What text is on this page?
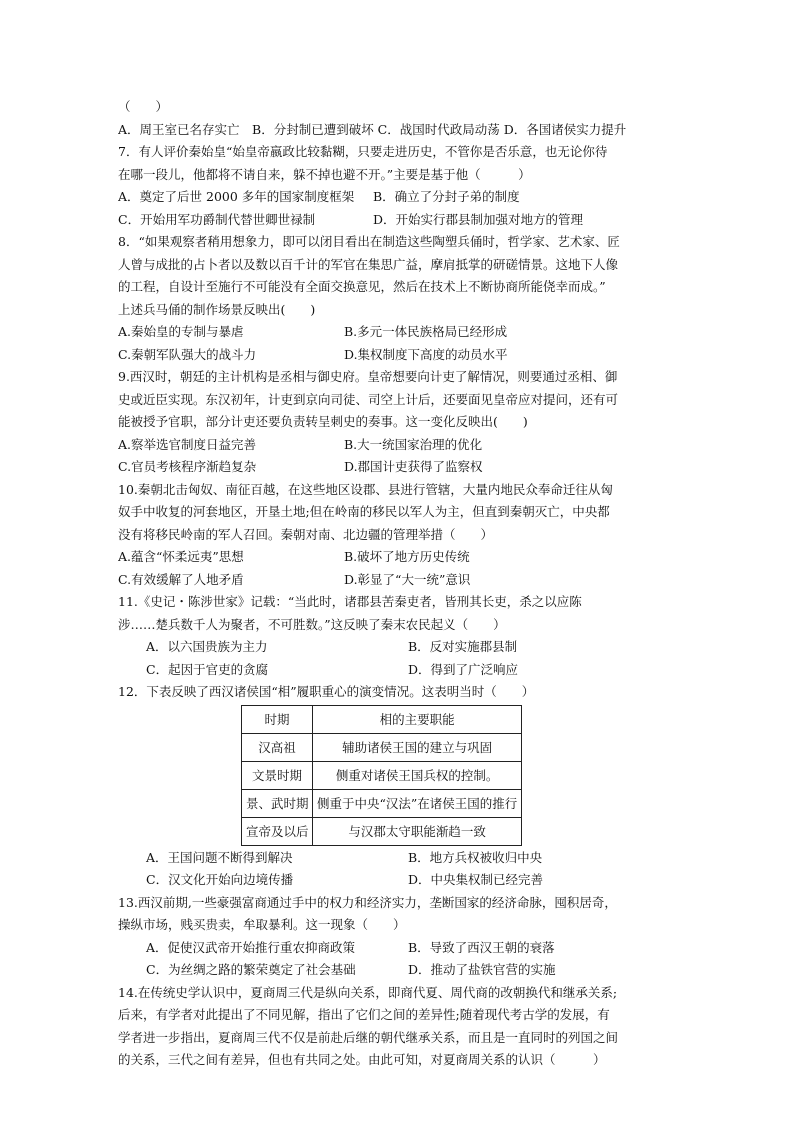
（　　）
A．周王室已名存实亡　B．分封制已遭到破坏 C．战国时代政局动荡 D．各国诸侯实力提升
7．有人评价秦始皇“始皇帝嬴政比较黏糊，只要走进历史，不管你是否乐意，也无论你待
在哪一段儿，他都将不请自来，躲不掉也避不开。”主要是基于他（　　　）
A．奠定了后世 2000 多年的国家制度框架	B．确立了分封子弟的制度
C．开始用军功爵制代替世卿世禄制	D．开始实行郡县制加强对地方的管理
8．“如果观察者稍用想象力，即可以闭目看出在制造这些陶塑兵俑时，哲学家、艺术家、匠
人曾与成批的占卜者以及数以百千计的军官在集思广益，摩肩抵掌的研磋情景。这地下人像
的工程，自设计至施行不可能没有全面交换意见，然后在技术上不断协商所能侥幸而成。”
上述兵马俑的制作场景反映出(　　)
A.秦始皇的专制与暴虐	B.多元一体民族格局已经形成
C.秦朝军队强大的战斗力	D.集权制度下高度的动员水平
9.西汉时，朝廷的主计机构是丞相与御史府。皇帝想要向计吏了解情况，则要通过丞相、御
史或近臣实现。东汉初年，计吏到京向司徒、司空上计后，还要面见皇帝应对提问，还有可
能被授予官职，部分计吏还要负责转呈刺史的奏事。这一变化反映出(　　)
A.察举选官制度日益完善	B.大一统国家治理的优化
C.官员考核程序渐趋复杂	D.郡国计吏获得了监察权
10.秦朝北击匈奴、南征百越，在这些地区设郡、县进行管辖，大量内地民众奉命迁往从匈
奴手中收复的河套地区，开垦土地;但在岭南的移民以军人为主，但直到秦朝灭亡，中央都
没有将移民岭南的军人召回。秦朝对南、北边疆的管理举措（　　）
A.蕴含“怀柔远夷”思想	B.破坏了地方历史传统
C.有效缓解了人地矛盾	D.彰显了“大一统”意识
11.《史记・陈涉世家》记载：“当此时，诸郡县苦秦吏者，皆刑其长吏，杀之以应陈
涉……楚兵数千人为聚者，不可胜数。”这反映了秦末农民起义（　　）
A．以六国贵族为主力	B．反对实施郡县制
C．起因于官吏的贪腐	D．得到了广泛响应
12．下表反映了西汉诸侯国“相”履职重心的演变情况。这表明当时（　　）
时期	相的主要职能
汉高祖	辅助诸侯王国的建立与巩固
文景时期	侧重对诸侯王国兵权的控制。
景、武时期	侧重于中央“汉法”在诸侯王国的推行
宣帝及以后	与汉郡太守职能渐趋一致
A．王国问题不断得到解决	B．地方兵权被收归中央
C．汉文化开始向边境传播	D．中央集权制已经完善
13.西汉前期,一些豪强富商通过手中的权力和经济实力，垄断国家的经济命脉，囤积居奇，
操纵市场，贱买贵卖，牟取暴利。这一现象（　　）
A．促使汉武帝开始推行重农抑商政策	B．导致了西汉王朝的衰落
C．为丝绸之路的繁荣奠定了社会基础	D．推动了盐铁官营的实施
14.在传统史学认识中，夏商周三代是纵向关系，即商代夏、周代商的改朝换代和继承关系;
后来，有学者对此提出了不同见解，指出了它们之间的差异性;随着现代考古学的发展，有
学者进一步指出，夏商周三代不仅是前赴后继的朝代继承关系，而且是一直同时的列国之间
的关系，三代之间有差异，但也有共同之处。由此可知，对夏商周关系的认识（　　　）
